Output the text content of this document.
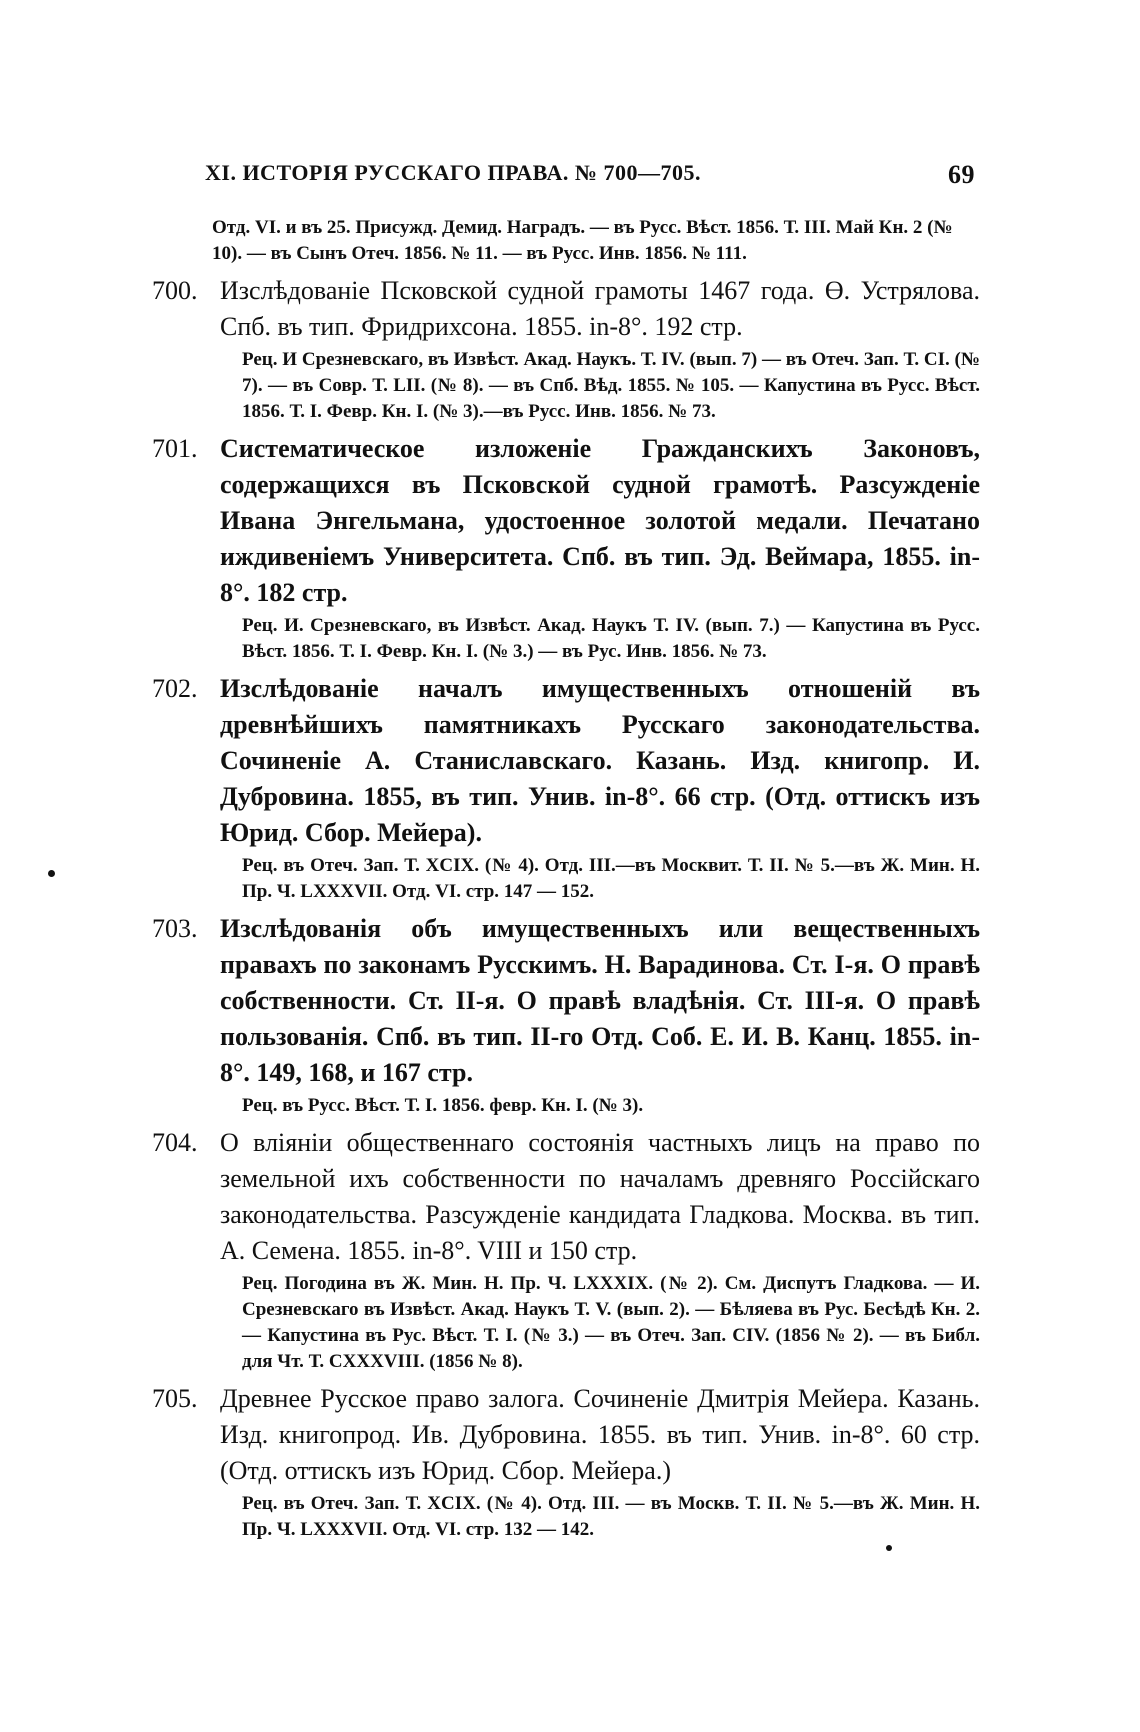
XI. ИСТОРІЯ РУССКАГО ПРАВА. № 700—705.	69
Отд. VI. и въ 25. Присужд. Демид. Наградъ. — въ Русс. Вѣст. 1856. Т. III. Май Кн. 2 (№ 10). — въ Сынъ Отеч. 1856. № 11. — въ Русс. Инв. 1856. № 111.
700. Изслѣдованіе Псковской судной грамоты 1467 года. Ө. Устрялова. Спб. въ тип. Фридрихсона. 1855. in-8°. 192 стр.
Рец. И Срезневскаго, въ Извѣст. Акад. Наукъ. Т. IV. (вып. 7) — въ Отеч. Зап. Т. CI. (№ 7). — въ Совр. Т. LII. (№ 8). — въ Спб. Вѣд. 1855. № 105. — Капустина въ Русс. Вѣст. 1856. Т. I. Февр. Кн. I. (№ 3).—въ Русс. Инв. 1856. № 73.
701. Систематическое изложеніе Гражданскихъ Законовъ, содержащихся въ Псковской судной грамотѣ. Разсужденіе Ивана Энгельмана, удостоенное золотой медали. Печатано иждивеніемъ Университета. Спб. въ тип. Эд. Веймара, 1855. in-8°. 182 стр.
Рец. И. Срезневскаго, въ Извѣст. Акад. Наукъ Т. IV. (вып. 7.) — Капустина въ Русс. Вѣст. 1856. Т. I. Февр. Кн. I. (№ 3.) — въ Рус. Инв. 1856. № 73.
702. Изслѣдованіе началъ имущественныхъ отношеній въ древнѣйшихъ памятникахъ Русскаго законодательства. Сочиненіе А. Станиславскаго. Казань. Изд. книгопр. И. Дубровина. 1855, въ тип. Унив. in-8°. 66 стр. (Отд. оттискъ изъ Юрид. Сбор. Мейера).
Рец. въ Отеч. Зап. Т. XCIX. (№ 4). Отд. III.—въ Москвит. Т. II. № 5.—въ Ж. Мин. Н. Пр. Ч. LXXXVII. Отд. VI. стр. 147 — 152.
703. Изслѣдованія объ имущественныхъ или вещественныхъ правахъ по законамъ Русскимъ. Н. Варадинова. Ст. I-я. О правѣ собственности. Ст. II-я. О правѣ владѣнія. Ст. III-я. О правѣ пользованія. Спб. въ тип. II-го Отд. Соб. Е. И. В. Канц. 1855. in-8°. 149, 168, и 167 стр.
Рец. въ Русс. Вѣст. Т. I. 1856. февр. Кн. I. (№ 3).
704. О вліяніи общественнаго состоянія частныхъ лицъ на право по земельной ихъ собственности по началамъ древняго Россійскаго законодательства. Разсужденіе кандидата Гладкова. Москва. въ тип. А. Семена. 1855. in-8°. VIII и 150 стр.
Рец. Погодина въ Ж. Мин. Н. Пр. Ч. LXXXIX. (№ 2). См. Диспутъ Гладкова. — И. Срезневскаго въ Извѣст. Акад. Наукъ Т. V. (вып. 2). — Бѣляева въ Рус. Бесѣдѣ Кн. 2. — Капустина въ Рус. Вѣст. Т. I. (№ 3.) — въ Отеч. Зап. CIV. (1856 № 2). — въ Библ. для Чт. Т. CXXXVIII. (1856 № 8).
705. Древнее Русское право залога. Сочиненіе Дмитрія Мейера. Казань. Изд. книгопрод. Ив. Дубровина. 1855. въ тип. Унив. in-8°. 60 стр. (Отд. оттискъ изъ Юрид. Сбор. Мейера.)
Рец. въ Отеч. Зап. Т. XCIX. (№ 4). Отд. III. — въ Москв. Т. II. № 5.—въ Ж. Мин. Н. Пр. Ч. LXXXVII. Отд. VI. стр. 132 — 142.
